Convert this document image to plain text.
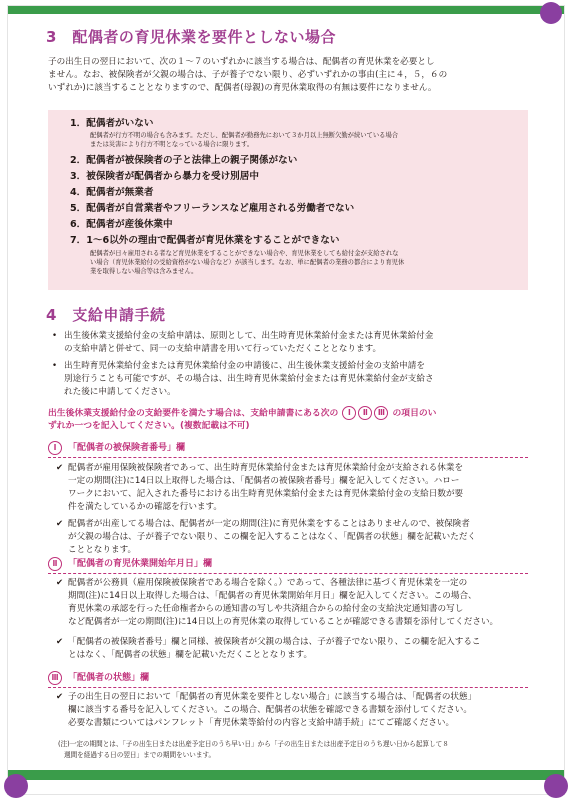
3　配偶者の育児休業を要件としない場合
子の出生日の翌日において、次の１〜７のいずれかに該当する場合は、配偶者の育児休業を必要とし
ません。なお、被保険者が父親の場合は、子が養子でない限り、必ずいずれかの事由(主に４，５，６の
いずれか)に該当することとなりますので、配偶者(母親)の育児休業取得の有無は要件になりません。
1．配偶者がいない
配偶者が行方不明の場合も含みます。ただし、配偶者が勤務先において３か月以上無断欠勤が続いている場合
または災害により行方不明となっている場合に限ります。
2．配偶者が被保険者の子と法律上の親子関係がない
3．被保険者が配偶者から暴力を受け別居中
4．配偶者が無業者
5．配偶者が自営業者やフリーランスなど雇用される労働者でない
6．配偶者が産後休業中
7．1〜6以外の理由で配偶者が育児休業をすることができない
配偶者が日々雇用される者など育児休業をすることができない場合や、育児休業をしても給付金が支給されな
い場合（育児休業給付の受給資格がない場合など）が該当します。なお、単に配偶者の業務の都合により育児休
業を取得しない場合等は含みません。
4　支給申請手続
• 出生後休業支援給付金の支給申請は、原則として、出生時育児休業給付金または育児休業給付金
の支給申請と併せて、同一の支給申請書を用いて行っていただくこととなります。
• 出生時育児休業給付金または育児休業給付金の申請後に、出生後休業支援給付金の支給申請を
別途行うことも可能ですが、その場合は、出生時育児休業給付金または育児休業給付金が支給さ
れた後に申請してください。
出生後休業支援給付金の支給要件を満たす場合は、支給申請書にある次の Ⅰ Ⅱ Ⅲ の項目のい
ずれか一つを記入してください。(複数記載は不可)
Ⅰ 「配偶者の被保険者番号」欄
✔ 配偶者が雇用保険被保険者であって、出生時育児休業給付金または育児休業給付金が支給される休業を
一定の期間(注)に14日以上取得した場合は、「配偶者の被保険者番号」欄を記入してください。ハロー
ワークにおいて、記入された番号における出生時育児休業給付金または育児休業給付金の支給日数が要
件を満たしているかの確認を行います。
✔ 配偶者が出産してる場合は、配偶者が一定の期間(注)に育児休業をすることはありませんので、被保険者
が父親の場合は、子が養子でない限り、この欄を記入することはなく、「配偶者の状態」欄を記載いただく
こととなります。
Ⅱ 「配偶者の育児休業開始年月日」欄
✔ 配偶者が公務員（雇用保険被保険者である場合を除く。）であって、各種法律に基づく育児休業を一定の
期間(注)に14日以上取得した場合は、「配偶者の育児休業開始年月日」欄を記入してください。この場合、
育児休業の承認を行った任命権者からの通知書の写しや共済組合からの給付金の支給決定通知書の写し
など配偶者が一定の期間(注)に14日以上の育児休業の取得していることが確認できる書類を添付してください。
✔ 「配偶者の被保険者番号」欄と同様、被保険者が父親の場合は、子が養子でない限り、この欄を記入するこ
とはなく、「配偶者の状態」欄を記載いただくこととなります。
Ⅲ 「配偶者の状態」欄
✔ 子の出生日の翌日において「配偶者の育児休業を要件としない場合」に該当する場合は、「配偶者の状態」
欄に該当する番号を記入してください。この場合、配偶者の状態を確認できる書類を添付してください。
必要な書類についてはパンフレット「育児休業等給付の内容と支給申請手続」にてご確認ください。
(注)一定の期間とは、「子の出生日または出産予定日のうち早い日」から「子の出生日または出産予定日のうち遅い日から起算して８
週間を経過する日の翌日」までの期間をいいます。
